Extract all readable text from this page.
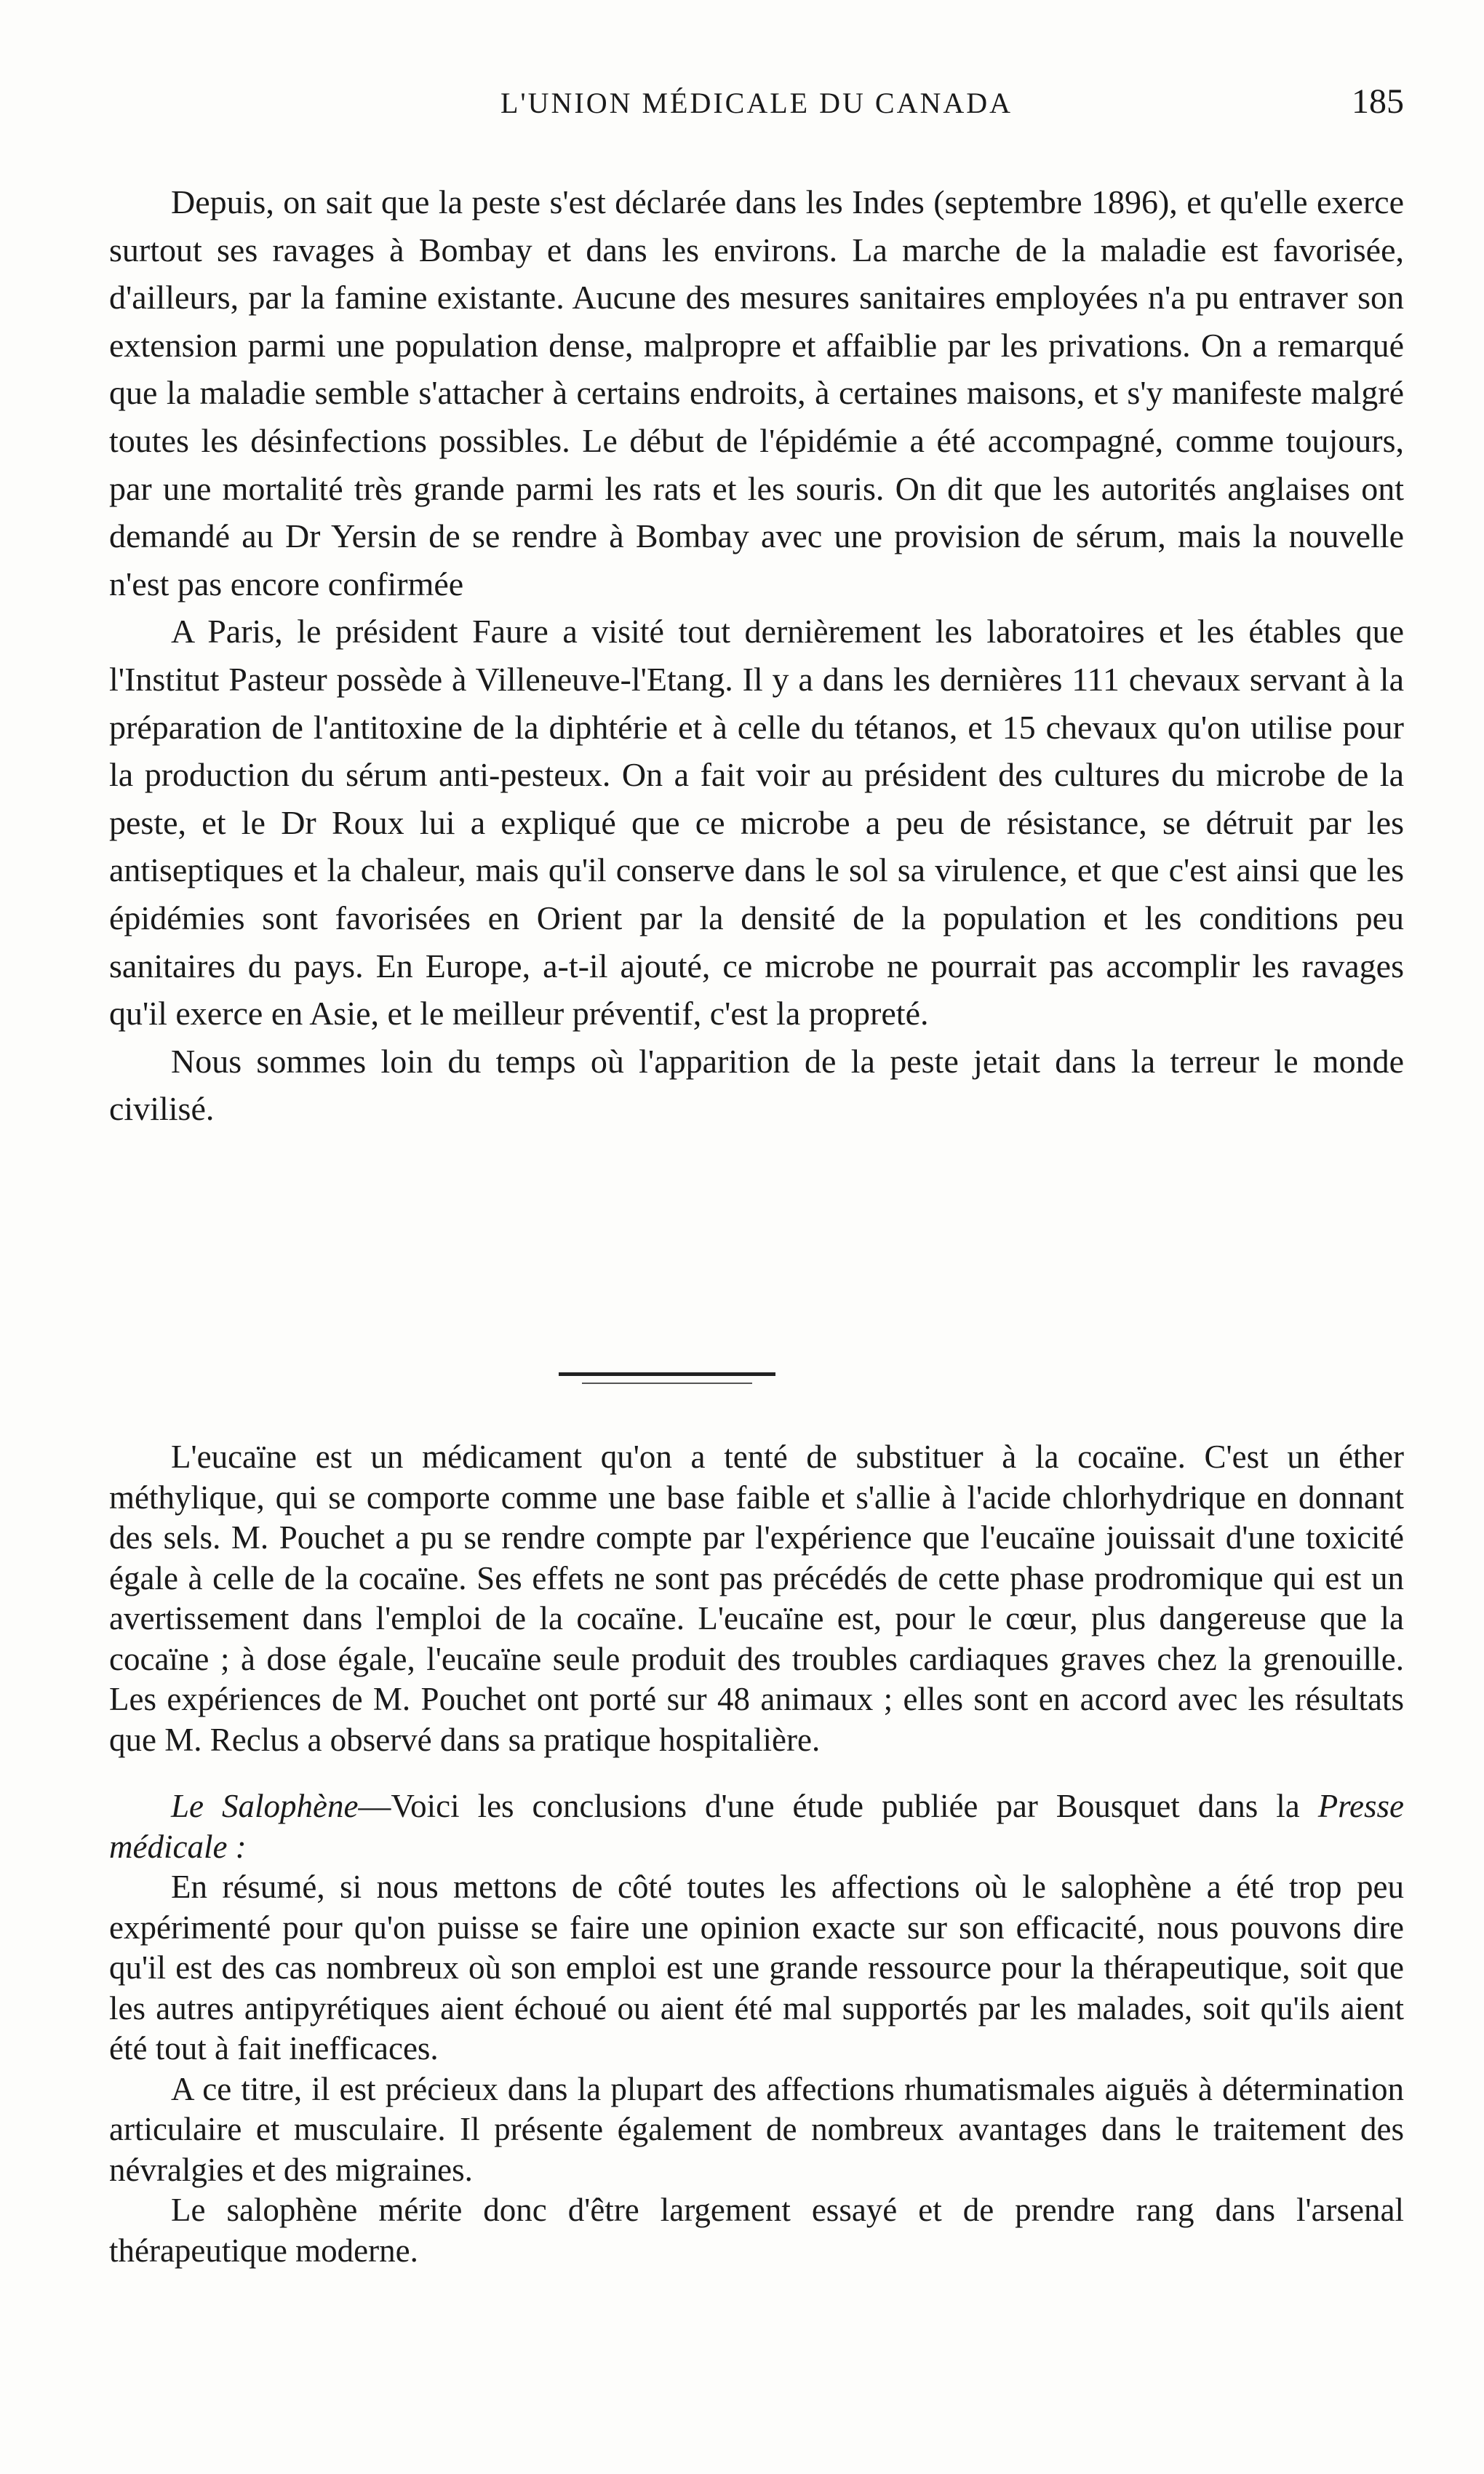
L'UNION MÉDICALE DU CANADA	185

Depuis, on sait que la peste s'est déclarée dans les Indes (septembre 1896), et qu'elle exerce surtout ses ravages à Bombay et dans les environs. La marche de la maladie est favorisée, d'ailleurs, par la famine existante. Aucune des mesures sanitaires employées n'a pu entraver son extension parmi une population dense, malpropre et affaiblie par les privations. On a remarqué que la maladie semble s'attacher à certains endroits, à certaines maisons, et s'y manifeste malgré toutes les désinfections possibles. Le début de l'épidémie a été accompagné, comme toujours, par une mortalité très grande parmi les rats et les souris. On dit que les autorités anglaises ont demandé au Dr Yersin de se rendre à Bombay avec une provision de sérum, mais la nouvelle n'est pas encore confirmée

A Paris, le président Faure a visité tout dernièrement les laboratoires et les étables que l'Institut Pasteur possède à Villeneuve-l'Etang. Il y a dans les dernières 111 chevaux servant à la préparation de l'antitoxine de la diphtérie et à celle du tétanos, et 15 chevaux qu'on utilise pour la production du sérum anti-pesteux. On a fait voir au président des cultures du microbe de la peste, et le Dr Roux lui a expliqué que ce microbe a peu de résistance, se détruit par les antiseptiques et la chaleur, mais qu'il conserve dans le sol sa virulence, et que c'est ainsi que les épidémies sont favorisées en Orient par la densité de la population et les conditions peu sanitaires du pays. En Europe, a-t-il ajouté, ce microbe ne pourrait pas accomplir les ravages qu'il exerce en Asie, et le meilleur préventif, c'est la propreté.

Nous sommes loin du temps où l'apparition de la peste jetait dans la terreur le monde civilisé.

L'eucaïne est un médicament qu'on a tenté de substituer à la cocaïne. C'est un éther méthylique, qui se comporte comme une base faible et s'allie à l'acide chlorhydrique en donnant des sels. M. Pouchet a pu se rendre compte par l'expérience que l'eucaïne jouissait d'une toxicité égale à celle de la cocaïne. Ses effets ne sont pas précédés de cette phase prodromique qui est un avertissement dans l'emploi de la cocaïne. L'eucaïne est, pour le cœur, plus dangereuse que la cocaïne ; à dose égale, l'eucaïne seule produit des troubles cardiaques graves chez la grenouille. Les expériences de M. Pouchet ont porté sur 48 animaux ; elles sont en accord avec les résultats que M. Reclus a observé dans sa pratique hospitalière.

Le Salophène—Voici les conclusions d'une étude publiée par Bousquet dans la Presse médicale :

En résumé, si nous mettons de côté toutes les affections où le salophène a été trop peu expérimenté pour qu'on puisse se faire une opinion exacte sur son efficacité, nous pouvons dire qu'il est des cas nombreux où son emploi est une grande ressource pour la thérapeutique, soit que les autres antipyrétiques aient échoué ou aient été mal supportés par les malades, soit qu'ils aient été tout à fait inefficaces.

A ce titre, il est précieux dans la plupart des affections rhumatismales aiguës à détermination articulaire et musculaire. Il présente également de nombreux avantages dans le traitement des névralgies et des migraines.

Le salophène mérite donc d'être largement essayé et de prendre rang dans l'arsenal thérapeutique moderne.
